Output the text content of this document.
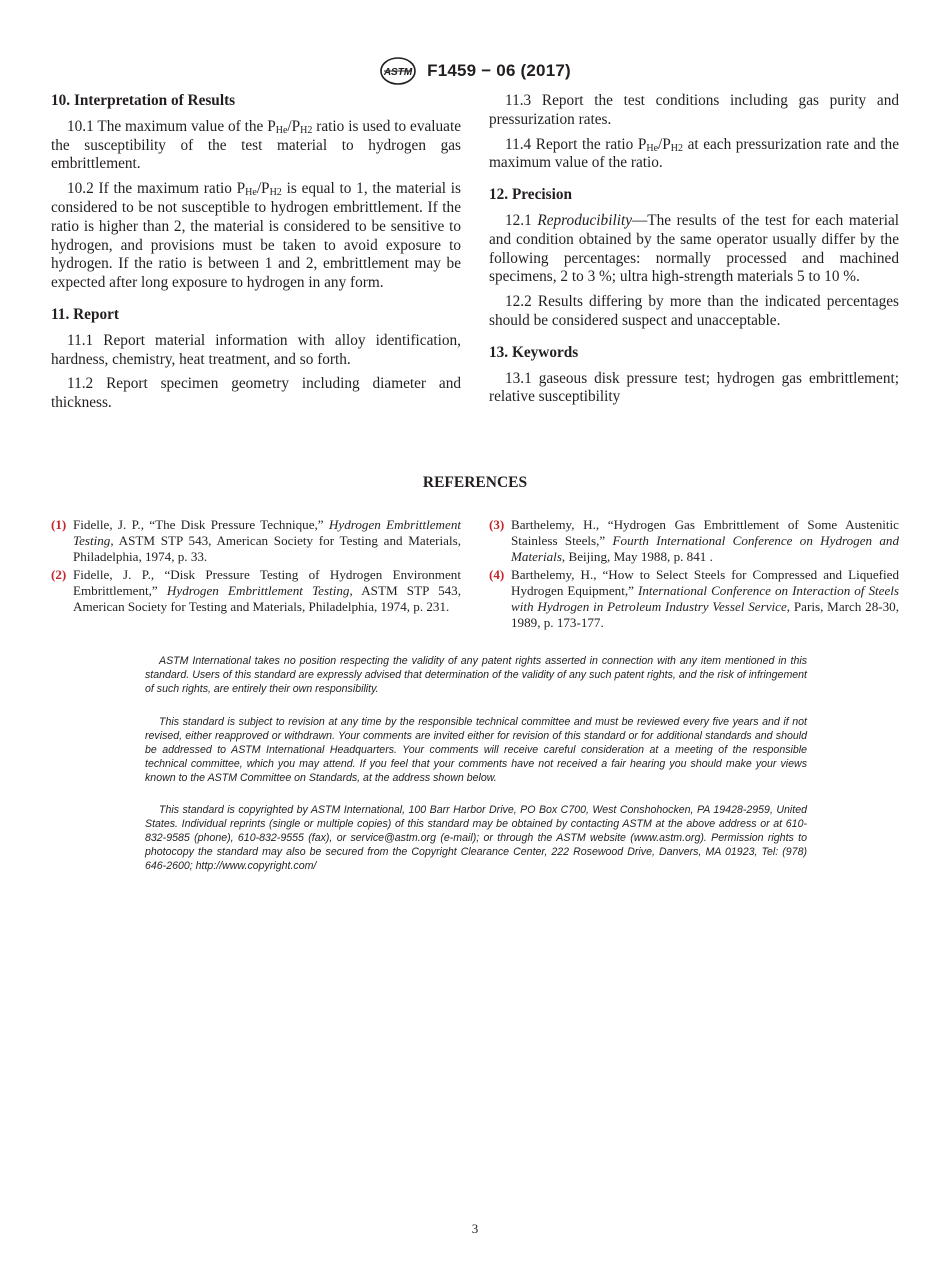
ASTM F1459 − 06 (2017)
10. Interpretation of Results

10.1 The maximum value of the $P_{He}/P_{H2}$ ratio is used to evaluate the susceptibility of the test material to hydrogen gas embrittlement.

10.2 If the maximum ratio $P_{He}/P_{H2}$ is equal to 1, the material is considered to be not susceptible to hydrogen embrittlement. If the ratio is higher than 2, the material is considered to be sensitive to hydrogen, and provisions must be taken to avoid exposure to hydrogen. If the ratio is between 1 and 2, embrittlement may be expected after long exposure to hydrogen in any form.

11. Report

11.1 Report material information with alloy identification, hardness, chemistry, heat treatment, and so forth.

11.2 Report specimen geometry including diameter and thickness.

11.3 Report the test conditions including gas purity and pressurization rates.

11.4 Report the ratio $P_{He}/P_{H2}$ at each pressurization rate and the maximum value of the ratio.

12. Precision

12.1 Reproducibility—The results of the test for each material and condition obtained by the same operator usually differ by the following percentages: normally processed and machined specimens, 2 to 3 %; ultra high-strength materials 5 to 10 %.

12.2 Results differing by more than the indicated percentages should be considered suspect and unacceptable.

13. Keywords

13.1 gaseous disk pressure test; hydrogen gas embrittlement; relative susceptibility

REFERENCES
(1) Fidelle, J. P., “The Disk Pressure Technique,” Hydrogen Embrittlement Testing, ASTM STP 543, American Society for Testing and Materials, Philadelphia, 1974, p. 33.
(2) Fidelle, J. P., “Disk Pressure Testing of Hydrogen Environment Embrittlement,” Hydrogen Embrittlement Testing, ASTM STP 543, American Society for Testing and Materials, Philadelphia, 1974, p. 231.
(3) Barthelemy, H., “Hydrogen Gas Embrittlement of Some Austenitic Stainless Steels,” Fourth International Conference on Hydrogen and Materials, Beijing, May 1988, p. 841 .
(4) Barthelemy, H., “How to Select Steels for Compressed and Liquefied Hydrogen Equipment,” International Conference on Interaction of Steels with Hydrogen in Petroleum Industry Vessel Service, Paris, March 28-30, 1989, p. 173-177.

ASTM International takes no position respecting the validity of any patent rights asserted in connection with any item mentioned in this standard. Users of this standard are expressly advised that determination of the validity of any such patent rights, and the risk of infringement of such rights, are entirely their own responsibility.

This standard is subject to revision at any time by the responsible technical committee and must be reviewed every five years and if not revised, either reapproved or withdrawn. Your comments are invited either for revision of this standard or for additional standards and should be addressed to ASTM International Headquarters. Your comments will receive careful consideration at a meeting of the responsible technical committee, which you may attend. If you feel that your comments have not received a fair hearing you should make your views known to the ASTM Committee on Standards, at the address shown below.

This standard is copyrighted by ASTM International, 100 Barr Harbor Drive, PO Box C700, West Conshohocken, PA 19428-2959, United States. Individual reprints (single or multiple copies) of this standard may be obtained by contacting ASTM at the above address or at 610-832-9585 (phone), 610-832-9555 (fax), or service@astm.org (e-mail); or through the ASTM website (www.astm.org). Permission rights to photocopy the standard may also be secured from the Copyright Clearance Center, 222 Rosewood Drive, Danvers, MA 01923, Tel: (978) 646-2600; http://www.copyright.com/

3
